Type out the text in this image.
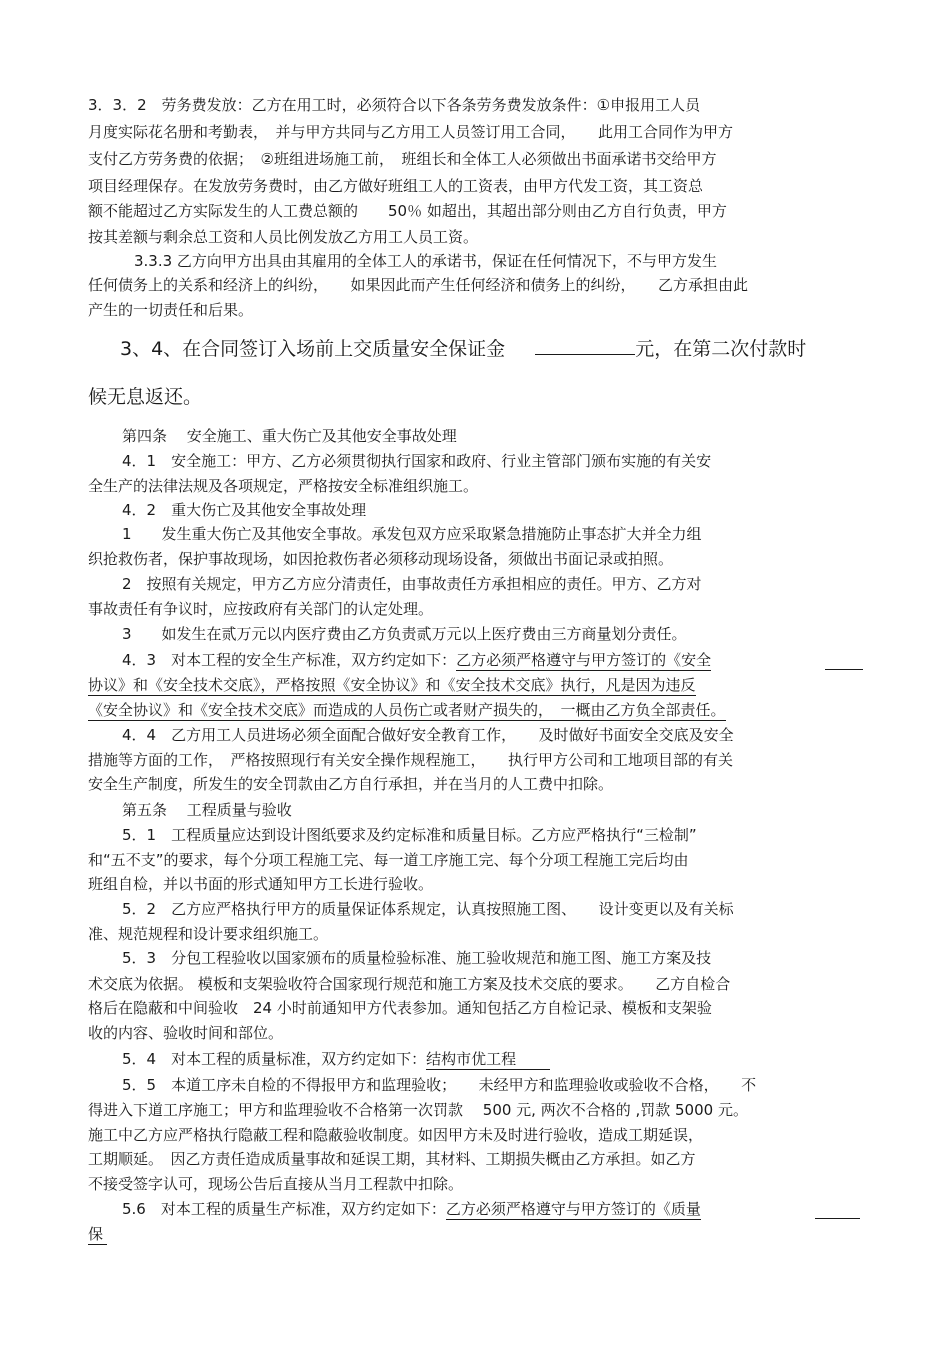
3．3．2　劳务费发放：乙方在用工时，必须符合以下各条劳务费发放条件：①申报用工人员
月度实际花名册和考勤表，　并与甲方共同与乙方用工人员签订用工合同，　　此用工合同作为甲方
支付乙方劳务费的依据；　②班组进场施工前，　班组长和全体工人必须做出书面承诺书交给甲方
项目经理保存。在发放劳务费时，由乙方做好班组工人的工资表，由甲方代发工资，其工资总
额不能超过乙方实际发生的人工费总额的　　50％ 如超出，其超出部分则由乙方自行负责，甲方
按其差额与剩余总工资和人员比例发放乙方用工人员工资。
3.3.3 乙方向甲方出具由其雇用的全体工人的承诺书，保证在任何情况下，不与甲方发生
任何债务上的关系和经济上的纠纷，　　如果因此而产生任何经济和债务上的纠纷，　　乙方承担由此
产生的一切责任和后果。
3、4、在合同签订入场前上交质量安全保证金	元，在第二次付款时
候无息返还。
第四条　 安全施工、重大伤亡及其他安全事故处理
4．1　安全施工：甲方、乙方必须贯彻执行国家和政府、行业主管部门颁布实施的有关安
全生产的法律法规及各项规定，严格按安全标准组织施工。
4．2　重大伤亡及其他安全事故处理
1　　发生重大伤亡及其他安全事故。承发包双方应采取紧急措施防止事态扩大并全力组
织抢救伤者，保护事故现场，如因抢救伤者必须移动现场设备，须做出书面记录或拍照。
2　按照有关规定，甲方乙方应分清责任，由事故责任方承担相应的责任。甲方、乙方对
事故责任有争议时，应按政府有关部门的认定处理。
3　　如发生在贰万元以内医疗费由乙方负责贰万元以上医疗费由三方商量划分责任。
4．3　对本工程的安全生产标准，双方约定如下：乙方必须严格遵守与甲方签订的《安全
协议》和《安全技术交底》，严格按照《安全协议》和《安全技术交底》执行，凡是因为违反
《安全协议》和《安全技术交底》而造成的人员伤亡或者财产损失的，　一概由乙方负全部责任。
4．4　乙方用工人员进场必须全面配合做好安全教育工作，　　及时做好书面安全交底及安全
措施等方面的工作，　严格按照现行有关安全操作规程施工，　　执行甲方公司和工地项目部的有关
安全生产制度，所发生的安全罚款由乙方自行承担，并在当月的人工费中扣除。
第五条　 工程质量与验收
5．1　工程质量应达到设计图纸要求及约定标准和质量目标。乙方应严格执行“三检制”
和“五不支”的要求，每个分项工程施工完、每一道工序施工完、每个分项工程施工完后均由
班组自检，并以书面的形式通知甲方工长进行验收。
5．2　乙方应严格执行甲方的质量保证体系规定，认真按照施工图、　　设计变更以及有关标
准、规范规程和设计要求组织施工。
5．3　分包工程验收以国家颁布的质量检验标准、施工验收规范和施工图、施工方案及技
术交底为依据。 模板和支架验收符合国家现行规范和施工方案及技术交底的要求。　　乙方自检合
格后在隐蔽和中间验收　24 小时前通知甲方代表参加。通知包括乙方自检记录、模板和支架验
收的内容、验收时间和部位。
5．4　对本工程的质量标准，双方约定如下：结构市优工程
5．5　本道工序未自检的不得报甲方和监理验收；　　未经甲方和监理验收或验收不合格，　　不
得进入下道工序施工；甲方和监理验收不合格第一次罚款　 500 元, 两次不合格的 ,罚款 5000 元。
施工中乙方应严格执行隐蔽工程和隐蔽验收制度。如因甲方未及时进行验收，造成工期延误，
工期顺延。　因乙方责任造成质量事故和延误工期，其材料、工期损失概由乙方承担。如乙方
不接受签字认可，现场公告后直接从当月工程款中扣除。
5.6　对本工程的质量生产标准，双方约定如下：乙方必须严格遵守与甲方签订的《质量
保
